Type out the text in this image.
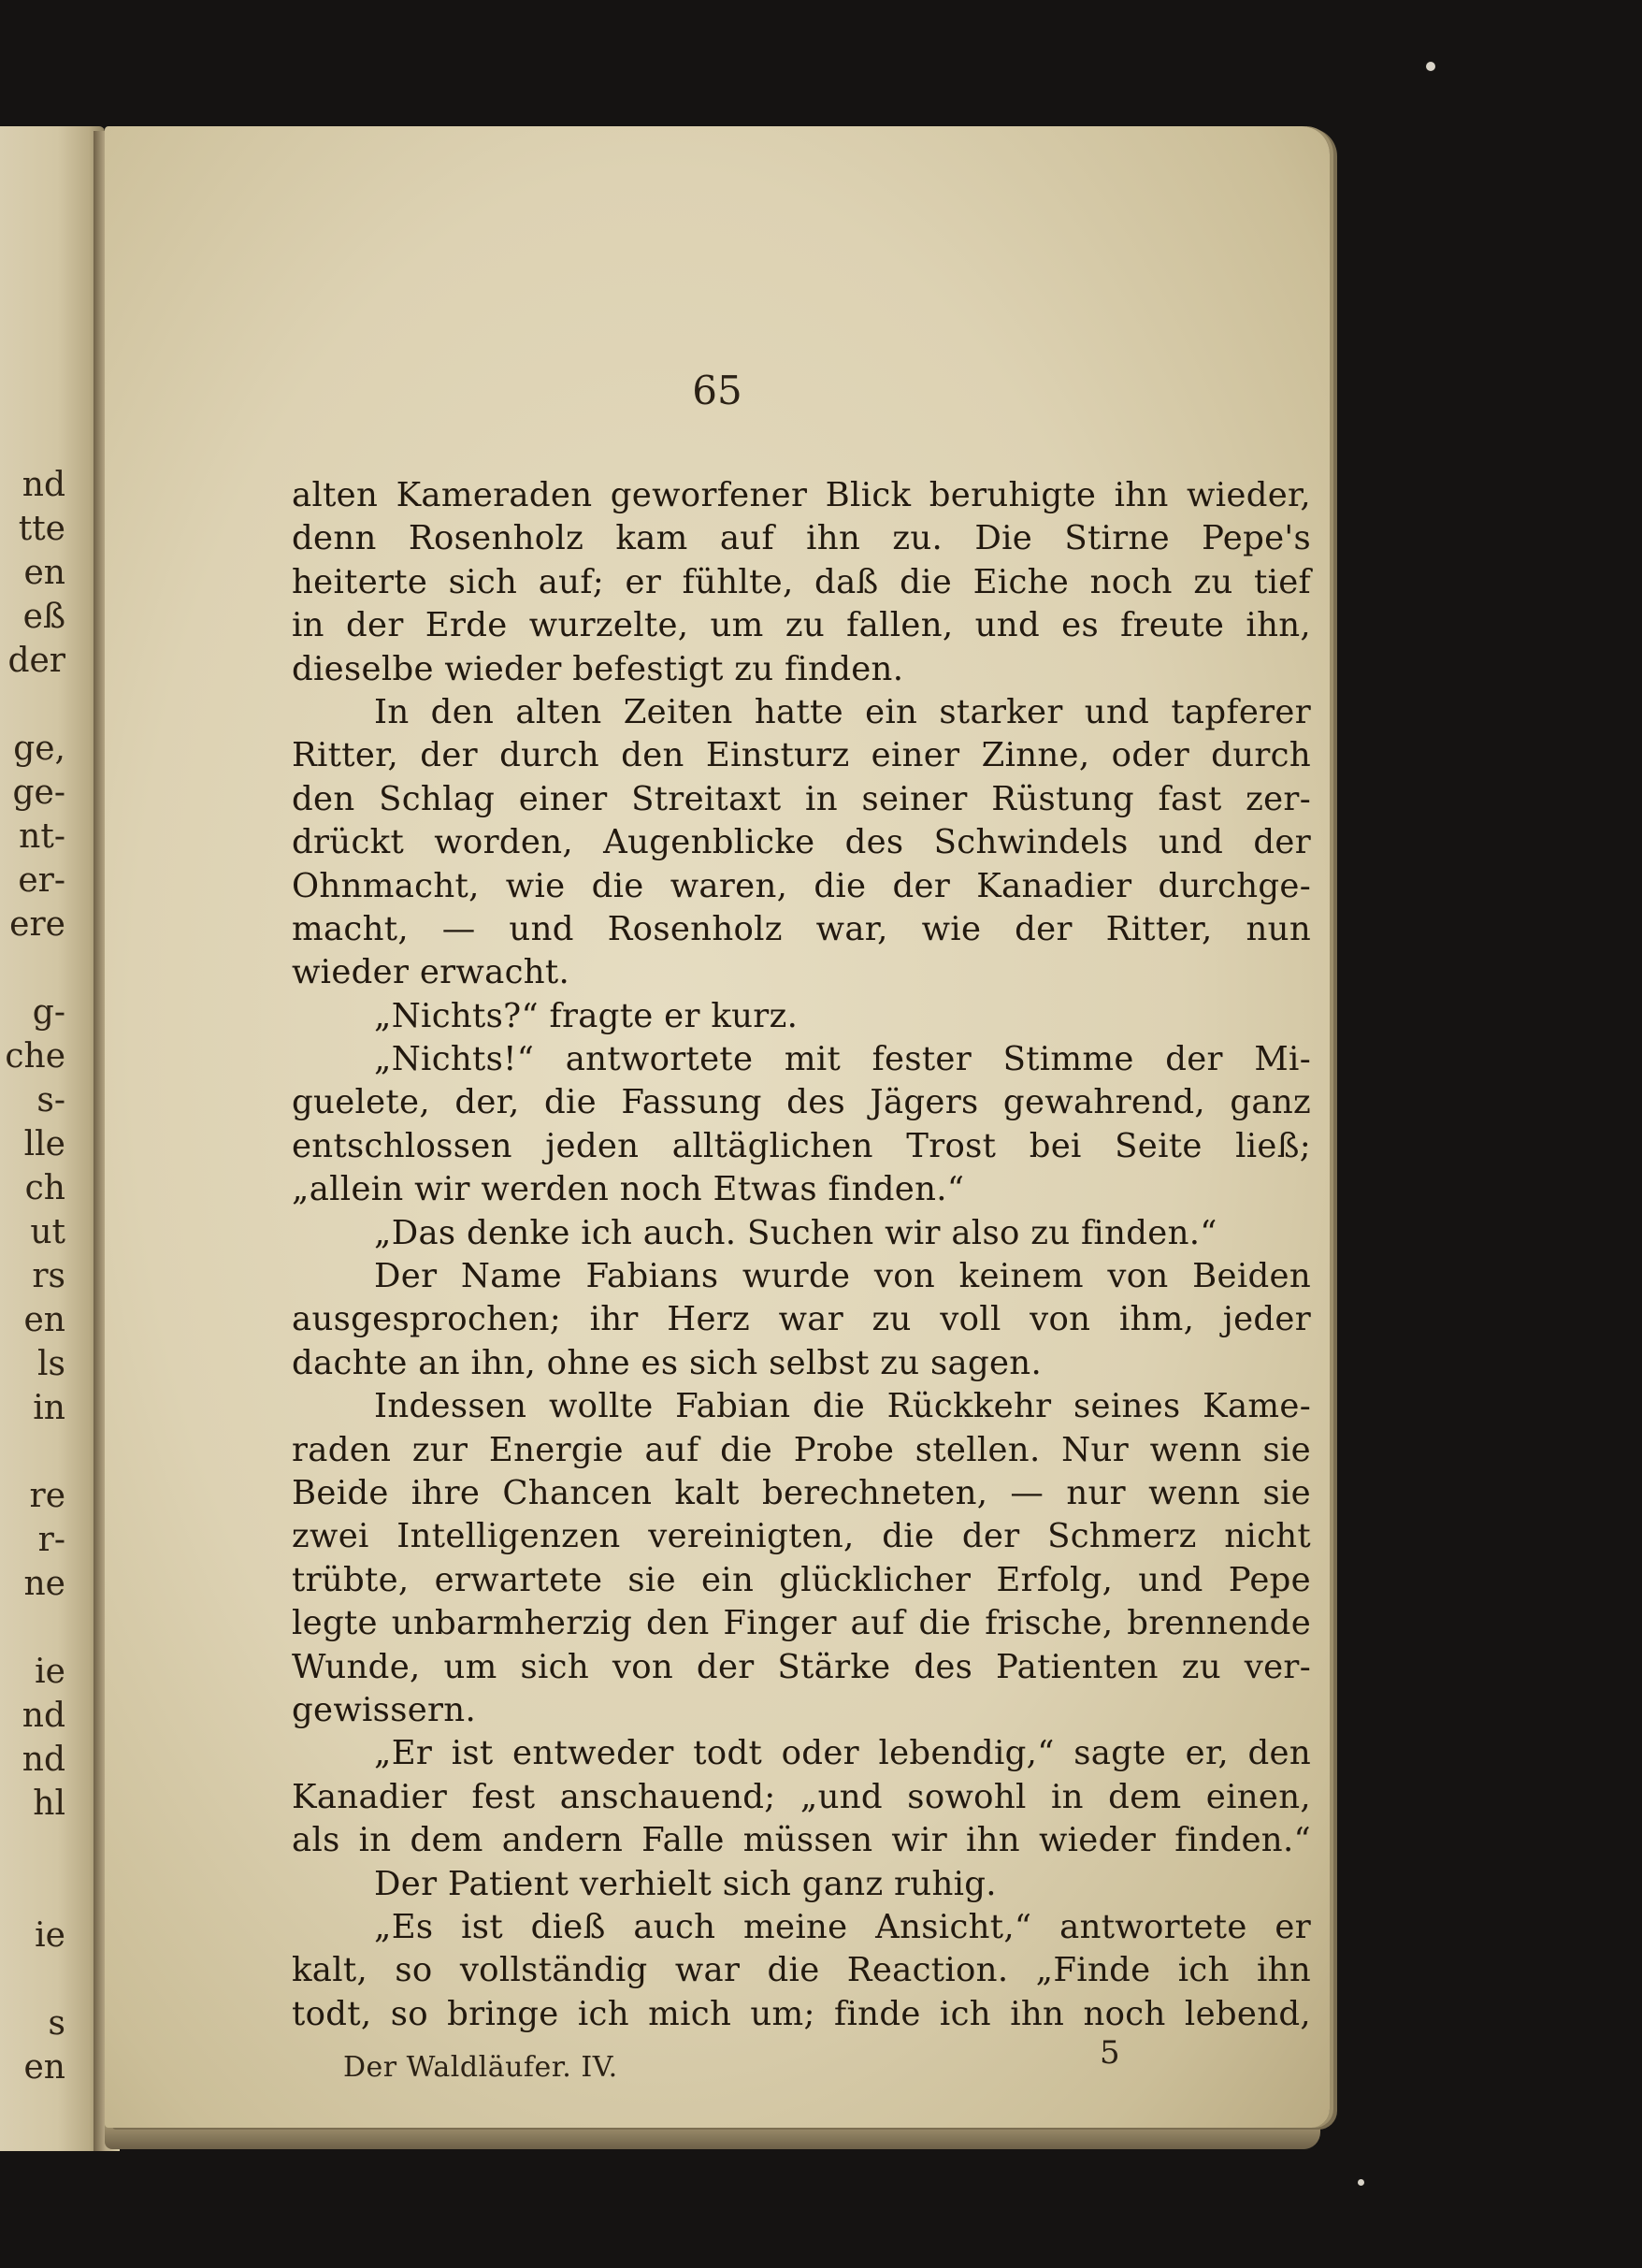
nd
tte
en
eß
der
ge,
ge-
nt-
er-
ere
g-
che
s-
lle
ch
ut
rs
en
ls
in
re
r-
ne
ie
nd
nd
hl
ie
s
en
65
alten Kameraden geworfener Blick beruhigte ihn wieder,
denn Rosenholz kam auf ihn zu. Die Stirne Pepe's
heiterte sich auf; er fühlte, daß die Eiche noch zu tief
in der Erde wurzelte, um zu fallen, und es freute ihn,
dieselbe wieder befestigt zu finden.
In den alten Zeiten hatte ein starker und tapferer
Ritter, der durch den Einsturz einer Zinne, oder durch
den Schlag einer Streitaxt in seiner Rüstung fast zer-
drückt worden, Augenblicke des Schwindels und der
Ohnmacht, wie die waren, die der Kanadier durchge-
macht, — und Rosenholz war, wie der Ritter, nun
wieder erwacht.
„Nichts?“ fragte er kurz.
„Nichts!“ antwortete mit fester Stimme der Mi-
guelete, der, die Fassung des Jägers gewahrend, ganz
entschlossen jeden alltäglichen Trost bei Seite ließ;
„allein wir werden noch Etwas finden.“
„Das denke ich auch. Suchen wir also zu finden.“
Der Name Fabians wurde von keinem von Beiden
ausgesprochen; ihr Herz war zu voll von ihm, jeder
dachte an ihn, ohne es sich selbst zu sagen.
Indessen wollte Fabian die Rückkehr seines Kame-
raden zur Energie auf die Probe stellen. Nur wenn sie
Beide ihre Chancen kalt berechneten, — nur wenn sie
zwei Intelligenzen vereinigten, die der Schmerz nicht
trübte, erwartete sie ein glücklicher Erfolg, und Pepe
legte unbarmherzig den Finger auf die frische, brennende
Wunde, um sich von der Stärke des Patienten zu ver-
gewissern.
„Er ist entweder todt oder lebendig,“ sagte er, den
Kanadier fest anschauend; „und sowohl in dem einen,
als in dem andern Falle müssen wir ihn wieder finden.“
Der Patient verhielt sich ganz ruhig.
„Es ist dieß auch meine Ansicht,“ antwortete er
kalt, so vollständig war die Reaction. „Finde ich ihn
todt, so bringe ich mich um; finde ich ihn noch lebend,
Der Waldläufer. IV.	5
